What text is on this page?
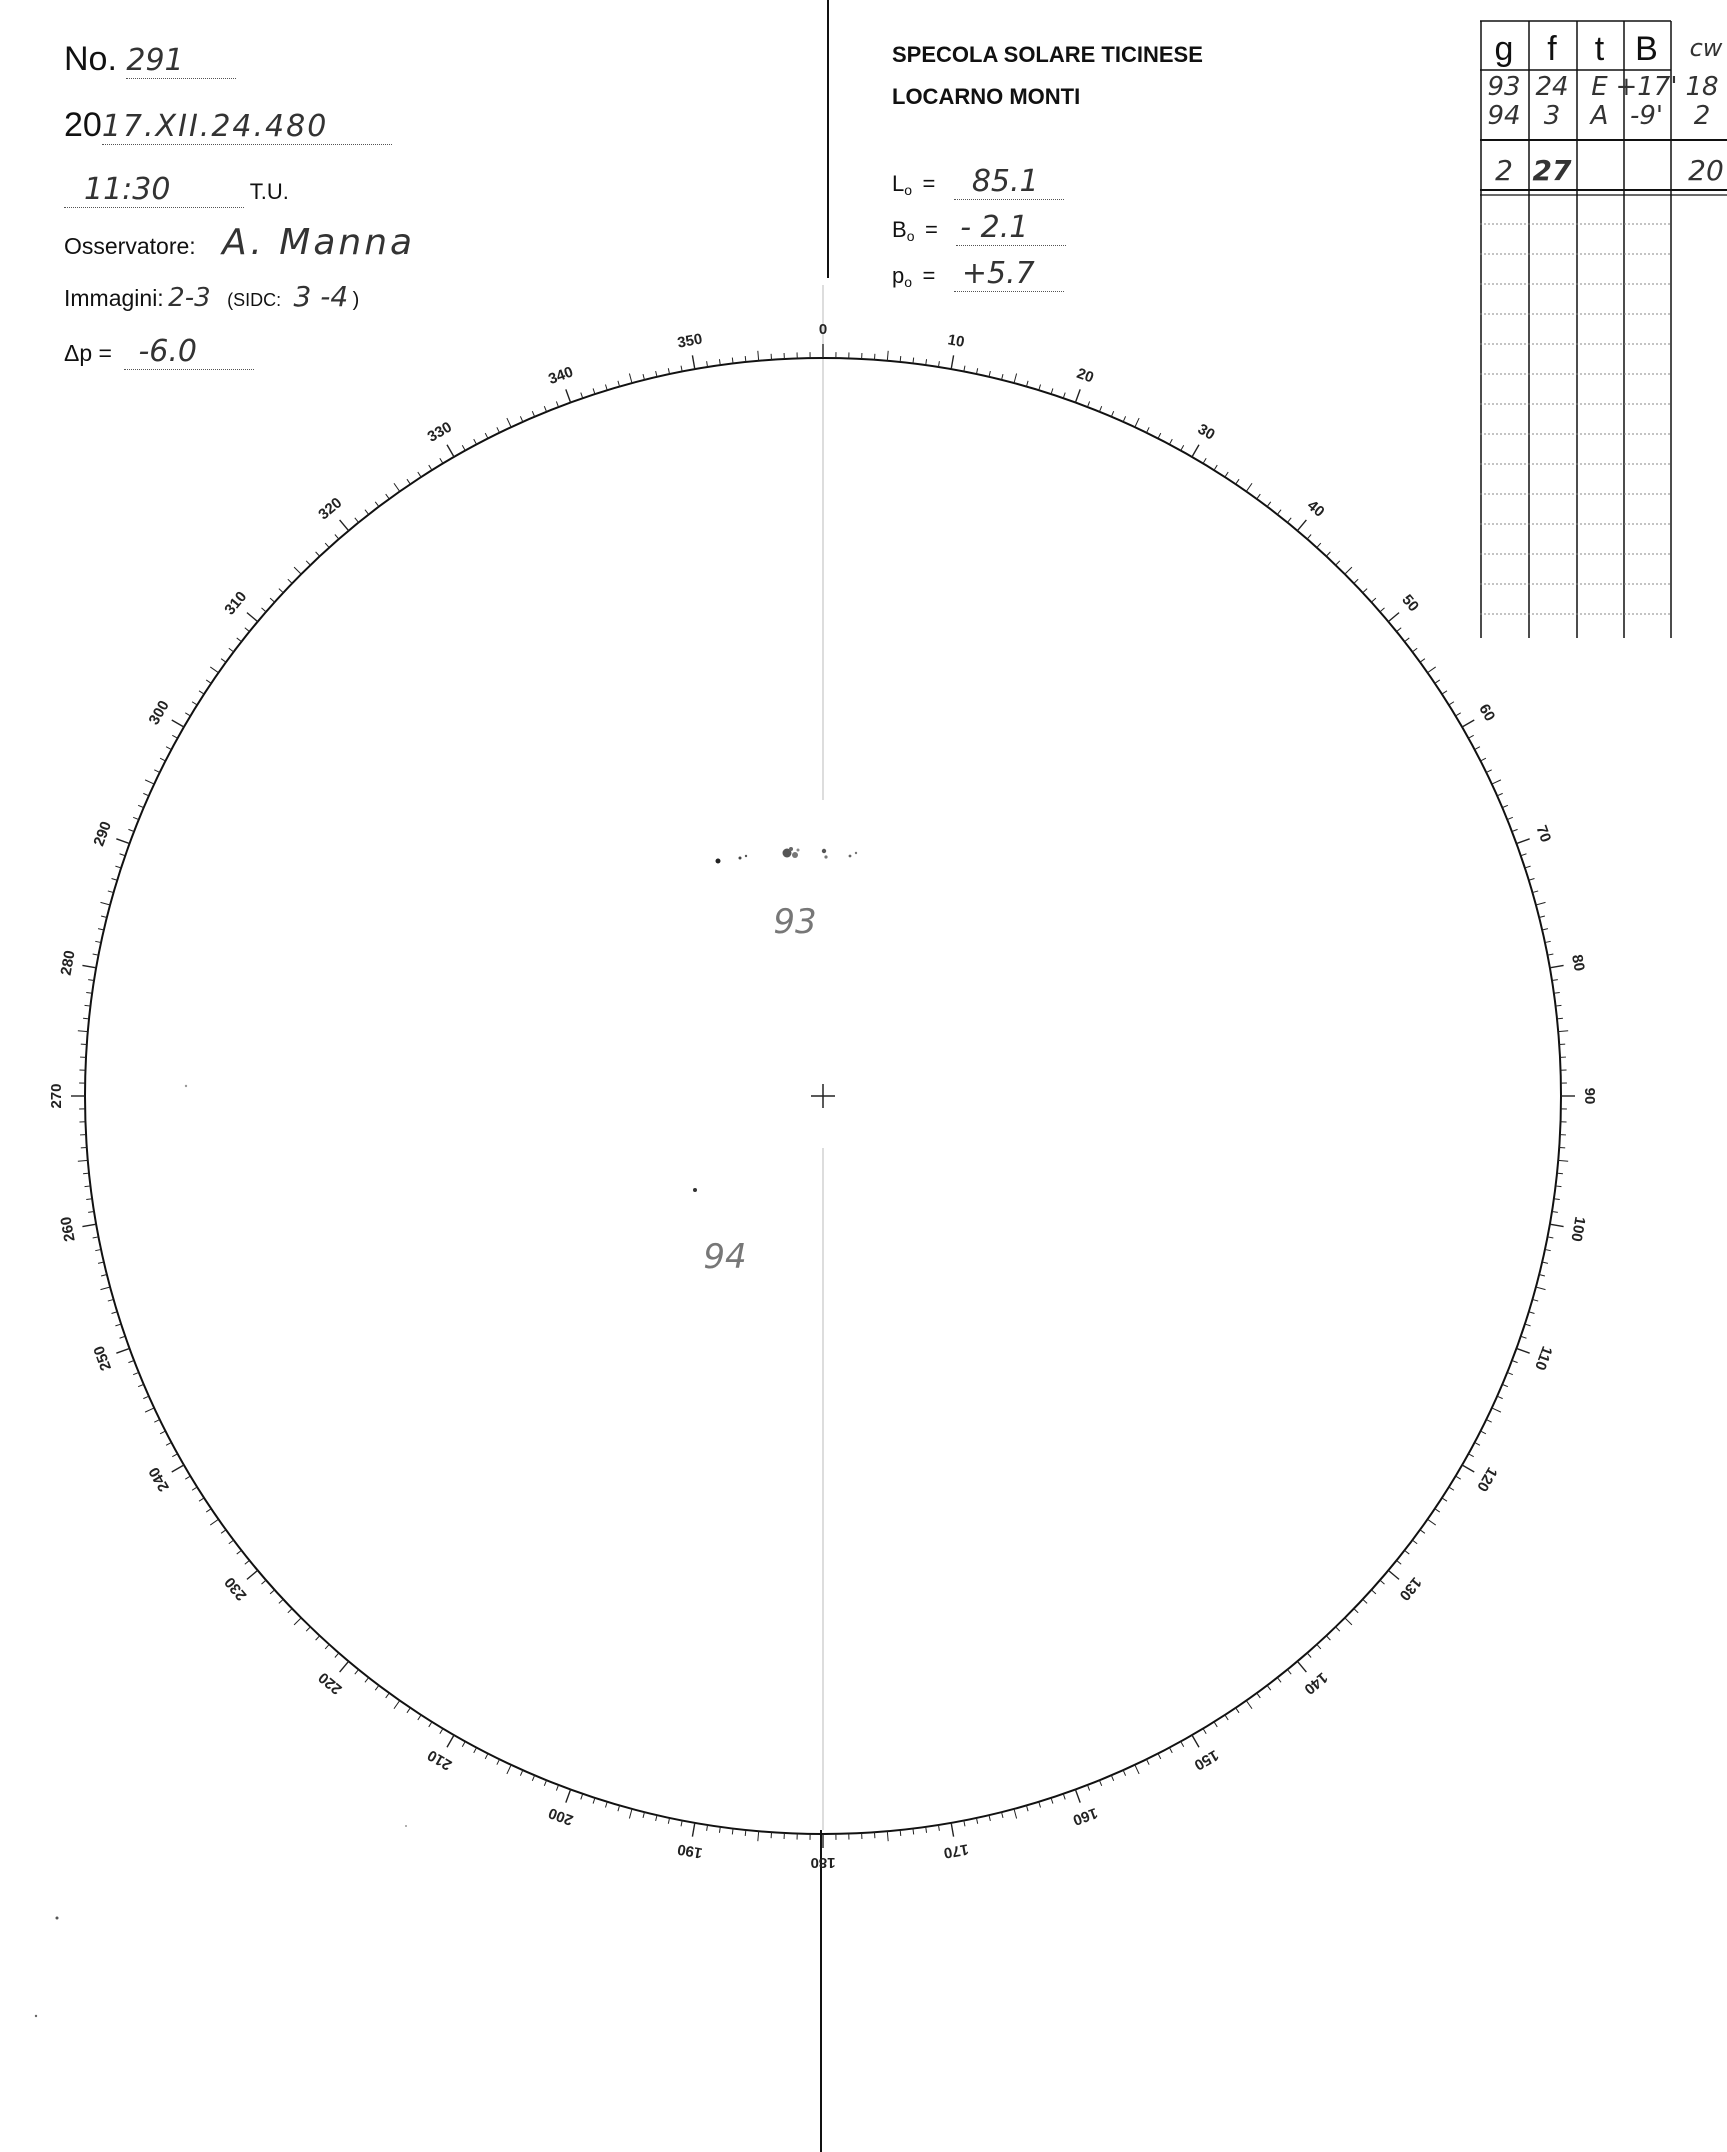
No. 291
2017.XII.24.480
11:30	T.U.
Osservatore: A. Manna
Immagini: 2-3 (SIDC: 3 -4 )
Δp = -6.0
SPECOLA SOLARE TICINESE
LOCARNO MONTI
$L_o = 85.1$
$B_o$ = - 2.1
$p_o = +5.7$
g f t B cw
93 24 E +17' 18
94 3 A -9' 2
2 27	20
0
10
20
30
40
50
60
70
80
90
100
110
120
130
140
150
160
170
180
190
200
210
220
230
240
250
260
270
280
290
300
310
320
330
340
350
93
94
